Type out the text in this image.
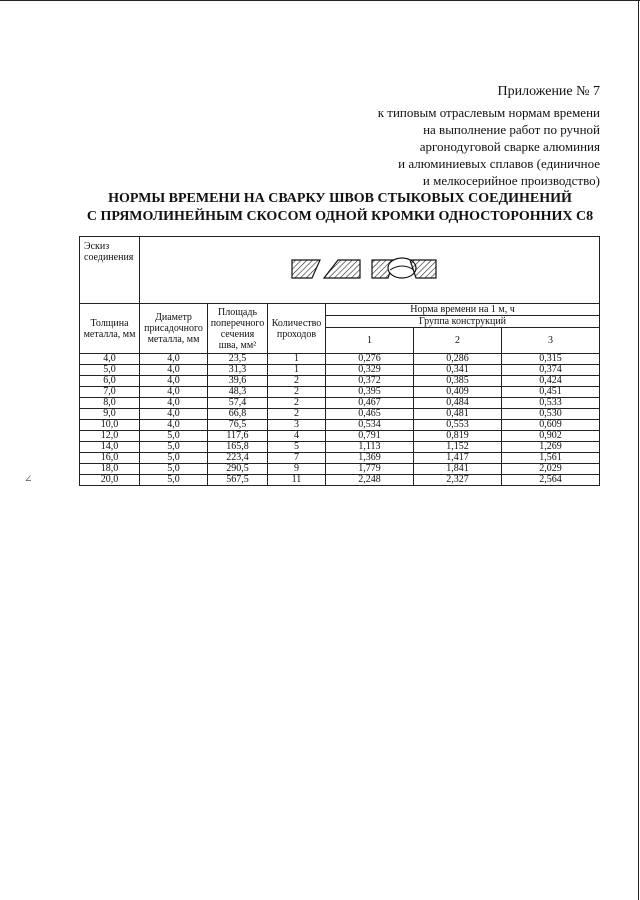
Приложение № 7
к типовым отраслевым нормам времени
на выполнение работ по ручной
аргонодуговой сварке алюминия
и алюминиевых сплавов (единичное
и мелкосерийное производство)
НОРМЫ ВРЕМЕНИ НА СВАРКУ ШВОВ СТЫКОВЫХ СОЕДИНЕНИЙ
С ПРЯМОЛИНЕЙНЫМ СКОСОМ ОДНОЙ КРОМКИ ОДНОСТОРОННИХ С8
∠
Эскиз соединения	
Толщина металла, мм	Диаметр присадочного металла, мм	Площадь поперечного сечения шва, мм²	Количество проходов	Норма времени на 1 м, ч		
				Группа конструкций		
				1	2	3
4,0	4,0	23,5	1	0,276	0,286	0,315
5,0	4,0	31,3	1	0,329	0,341	0,374
6,0	4,0	39,6	2	0,372	0,385	0,424
7,0	4,0	48,3	2	0,395	0,409	0,451
8,0	4,0	57,4	2	0,467	0,484	0,533
9,0	4,0	66,8	2	0,465	0,481	0,530
10,0	4,0	76,5	3	0,534	0,553	0,609
12,0	5,0	117,6	4	0,791	0,819	0,902
14,0	5,0	165,8	5	1,113	1,152	1,269
16,0	5,0	223,4	7	1,369	1,417	1,561
18,0	5,0	290,5	9	1,779	1,841	2,029
20,0	5,0	567,5	11	2,248	2,327	2,564
